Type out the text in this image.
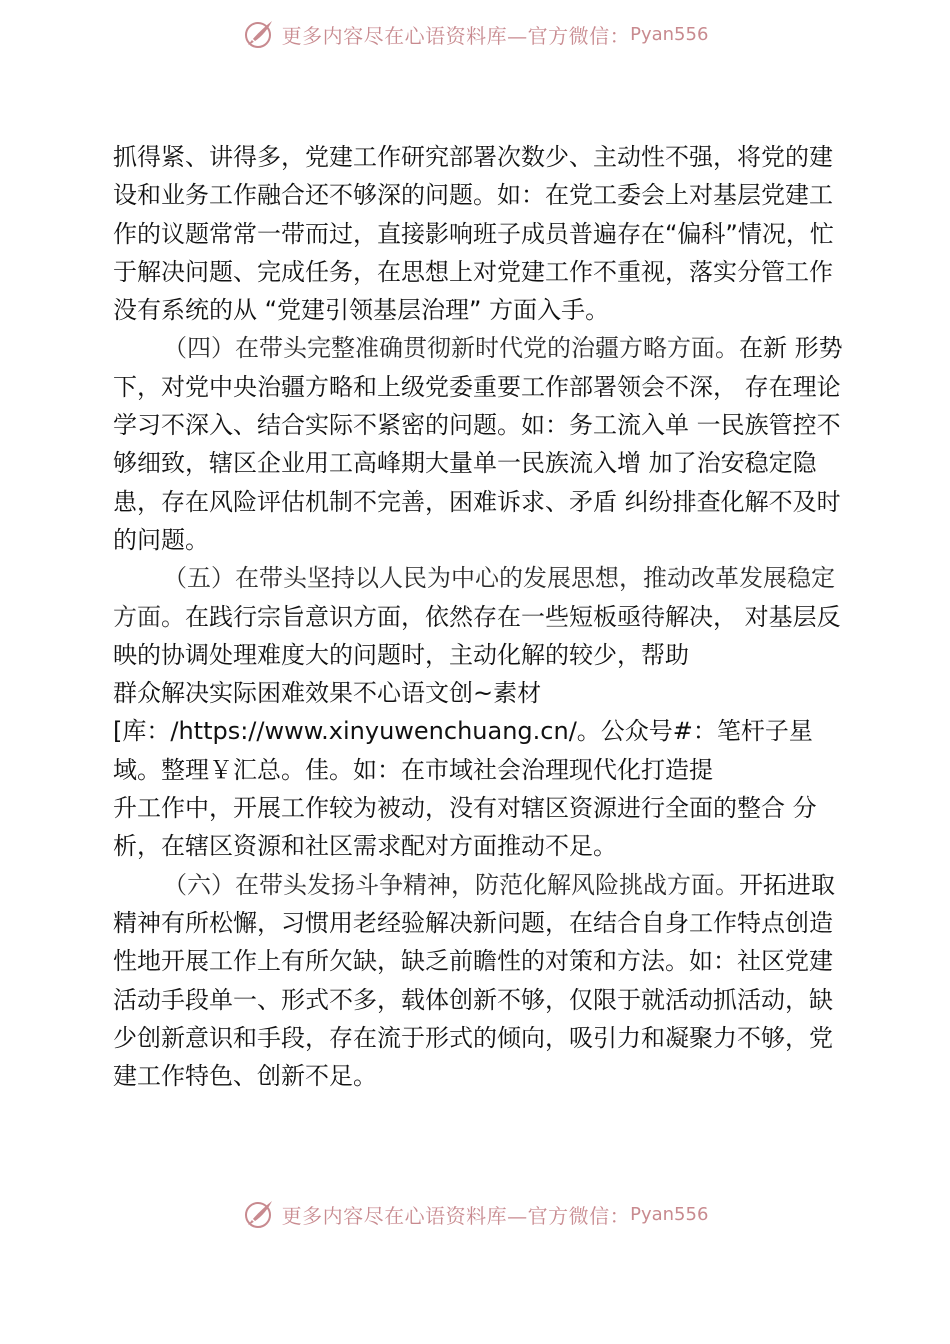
更多内容尽在心语资料库—官方微信： Pyan556

抓得紧、讲得多，党建工作研究部署次数少、主动性不强，将党的建设和业务工作融合还不够深的问题。如：在党工委会上对基层党建工作的议题常常一带而过，直接影响班子成员普遍存在“偏科”情况，忙于解决问题、完成任务，在思想上对党建工作不重视，落实分管工作没有系统的从 “党建引领基层治理” 方面入手。

（四）在带头完整准确贯彻新时代党的治疆方略方面。在新 形势下，对党中央治疆方略和上级党委重要工作部署领会不深， 存在理论学习不深入、结合实际不紧密的问题。如：务工流入单 一民族管控不够细致，辖区企业用工高峰期大量单一民族流入增 加了治安稳定隐患，存在风险评估机制不完善，困难诉求、矛盾 纠纷排查化解不及时的问题。

（五）在带头坚持以人民为中心的发展思想，推动改革发展稳定方面。在践行宗旨意识方面，依然存在一些短板亟待解决， 对基层反映的协调处理难度大的问题时，主动化解的较少，帮助

群众解决实际困难效果不心语文创~素材[库：/https://www.xinyuwenchuang.cn/。公众号#：笔杆子星域。整理￥汇总。佳。如：在市域社会治理现代化打造提

升工作中，开展工作较为被动，没有对辖区资源进行全面的整合 分析，在辖区资源和社区需求配对方面推动不足。

（六）在带头发扬斗争精神，防范化解风险挑战方面。开拓进取精神有所松懈，习惯用老经验解决新问题，在结合自身工作特点创造性地开展工作上有所欠缺，缺乏前瞻性的对策和方法。如：社区党建活动手段单一、形式不多，载体创新不够，仅限于就活动抓活动，缺少创新意识和手段，存在流于形式的倾向，吸引力和凝聚力不够，党建工作特色、创新不足。

更多内容尽在心语资料库—官方微信： Pyan556
